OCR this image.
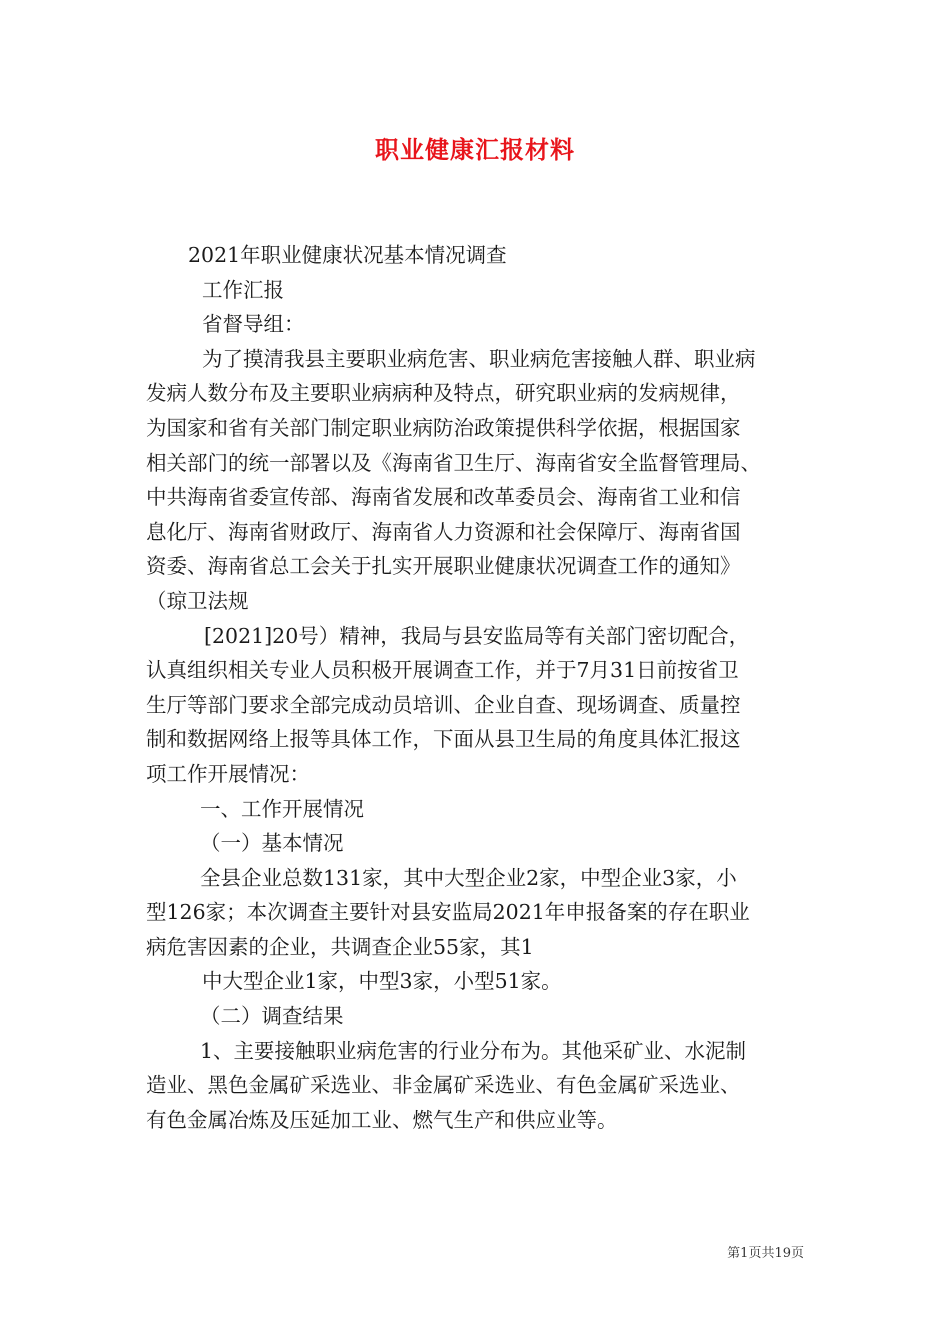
职业健康汇报材料

2021年职业健康状况基本情况调查

工作汇报

省督导组：

为了摸清我县主要职业病危害、职业病危害接触人群、职业病

发病人数分布及主要职业病病种及特点，研究职业病的发病规律，

为国家和省有关部门制定职业病防治政策提供科学依据，根据国家

相关部门的统一部署以及《海南省卫生厅、海南省安全监督管理局、

中共海南省委宣传部、海南省发展和改革委员会、海南省工业和信

息化厅、海南省财政厅、海南省人力资源和社会保障厅、海南省国

资委、海南省总工会关于扎实开展职业健康状况调查工作的通知》

（琼卫法规

[2021]20号）精神，我局与县安监局等有关部门密切配合，

认真组织相关专业人员积极开展调查工作，并于7月31日前按省卫

生厅等部门要求全部完成动员培训、企业自查、现场调查、质量控

制和数据网络上报等具体工作，下面从县卫生局的角度具体汇报这

项工作开展情况：

一、工作开展情况

（一）基本情况

全县企业总数131家，其中大型企业2家，中型企业3家，小

型126家；本次调查主要针对县安监局2021年申报备案的存在职业

病危害因素的企业，共调查企业55家，其1

中大型企业1家，中型3家，小型51家。

（二）调查结果

1、主要接触职业病危害的行业分布为。其他采矿业、水泥制

造业、黑色金属矿采选业、非金属矿采选业、有色金属矿采选业、

有色金属冶炼及压延加工业、燃气生产和供应业等。

第1页共19页
